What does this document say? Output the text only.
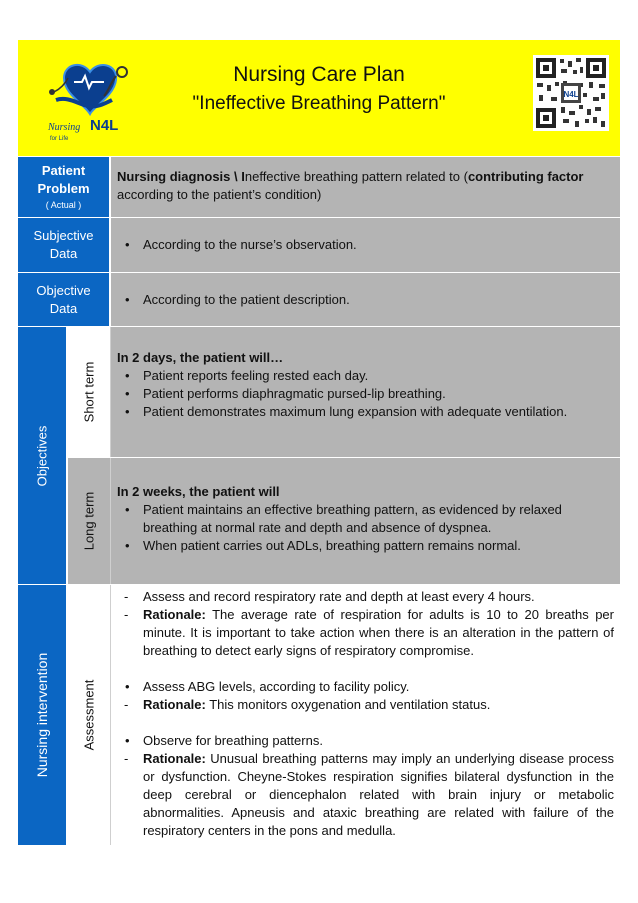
Nursing N4L
for Life
Nursing Care Plan
"Ineffective Breathing Pattern"	N4L
Patient
Problem
( Actual )
Nursing diagnosis \ Ineffective breathing pattern related to (contributing factor according to the patient’s condition)
Subjective
Data
• According to the nurse’s observation.
Objective
Data
• According to the patient description.
Objectives
Short term
In 2 days, the patient will…
• Patient reports feeling rested each day.
• Patient performs diaphragmatic pursed-lip breathing.
• Patient demonstrates maximum lung expansion with adequate ventilation.
Long term
In 2 weeks, the patient will
• Patient maintains an effective breathing pattern, as evidenced by relaxed breathing at normal rate and depth and absence of dyspnea.
• When patient carries out ADLs, breathing pattern remains normal.
Nursing intervention Assessment
- Assess and record respiratory rate and depth at least every 4 hours.
- Rationale: The average rate of respiration for adults is 10 to 20 breaths per minute. It is important to take action when there is an alteration in the pattern of breathing to detect early signs of respiratory compromise.
• Assess ABG levels, according to facility policy.
- Rationale: This monitors oxygenation and ventilation status.
• Observe for breathing patterns.
- Rationale: Unusual breathing patterns may imply an underlying disease process or dysfunction. Cheyne-Stokes respiration signifies bilateral dysfunction in the deep cerebral or diencephalon related with brain injury or metabolic abnormalities. Apneusis and ataxic breathing are related with failure of the respiratory centers in the pons and medulla.
